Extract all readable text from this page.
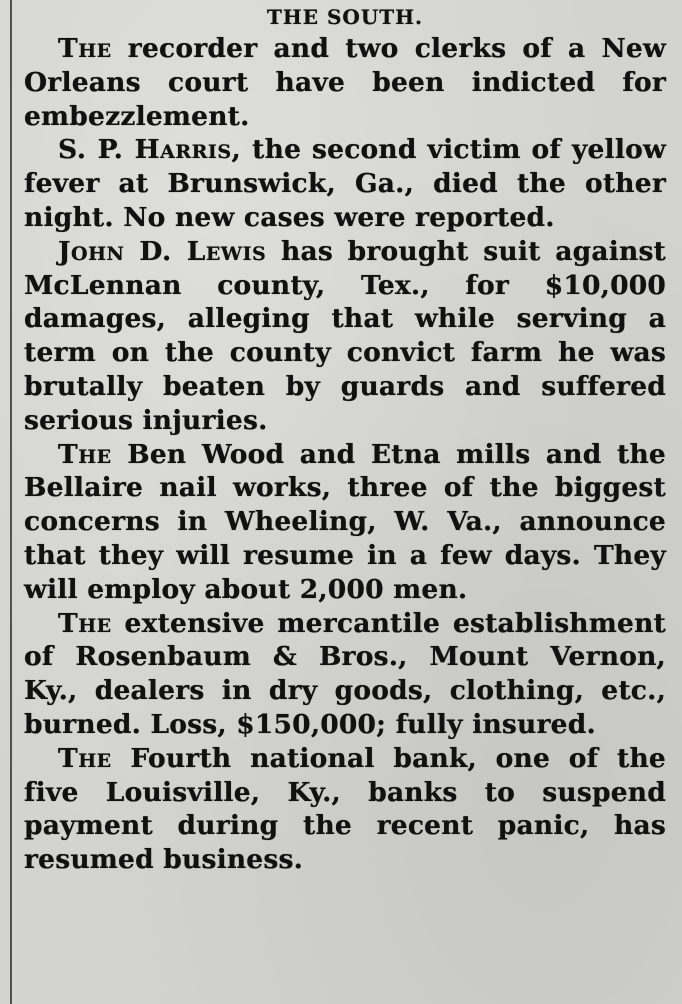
THE SOUTH.

The recorder and two clerks of a New Orleans court have been indicted for embezzlement.

S. P. Harris, the second victim of yellow fever at Brunswick, Ga., died the other night. No new cases were reported.

John D. Lewis has brought suit against McLennan county, Tex., for $10,000 damages, alleging that while serving a term on the county convict farm he was brutally beaten by guards and suffered serious injuries.

The Ben Wood and Etna mills and the Bellaire nail works, three of the biggest concerns in Wheeling, W. Va., announce that they will resume in a few days. They will employ about 2,000 men.

The extensive mercantile establishment of Rosenbaum & Bros., Mount Vernon, Ky., dealers in dry goods, clothing, etc., burned. Loss, $150,000; fully insured.

The Fourth national bank, one of the five Louisville, Ky., banks to suspend payment during the recent panic, has resumed business.
